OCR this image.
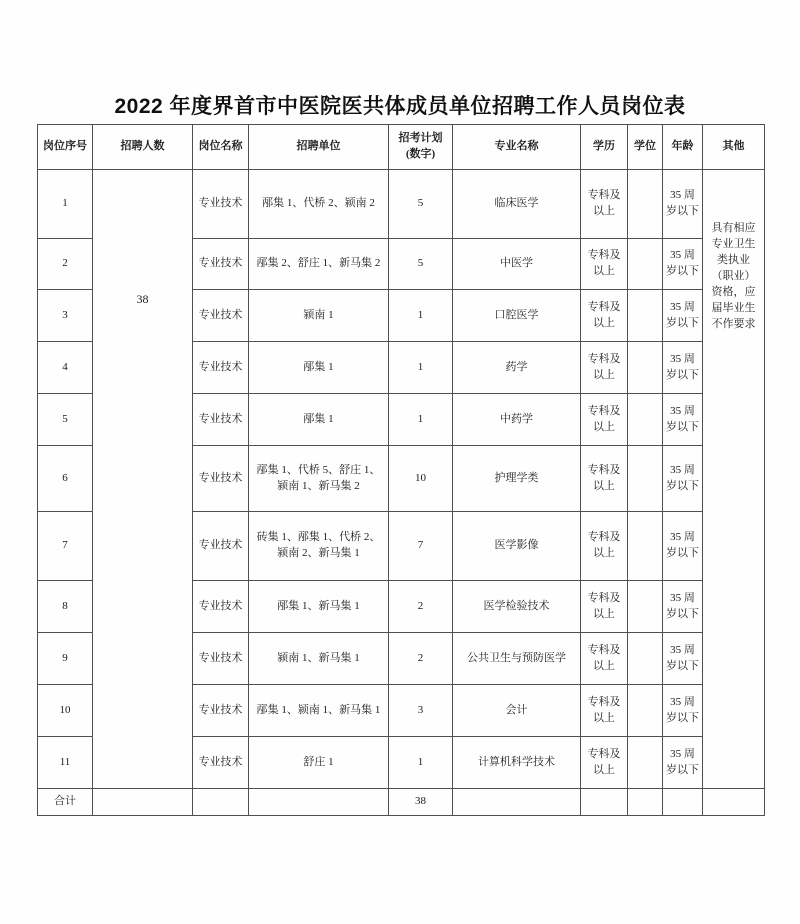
2022 年度界首市中医院医共体成员单位招聘工作人员岗位表
岗位序号	招聘人数	岗位名称	招聘单位	招考计划(数字)	专业名称	学历	学位	年龄	其他
1	38	专业技术	邴集 1、代桥 2、颍南 2	5	临床医学	专科及以上		35 周岁以下	具有相应专业卫生类执业（职业）资格，应届毕业生不作要求

2		专业技术	邴集 2、舒庄 1、新马集 2	5	中医学	专科及以上		35 周岁以下	
3		专业技术	颍南 1	1	口腔医学	专科及以上		35 周岁以下	
4		专业技术	邴集 1	1	药学	专科及以上		35 周岁以下	
5		专业技术	邴集 1	1	中药学	专科及以上		35 周岁以下	
6		专业技术	邴集 1、代桥 5、舒庄 1、颍南 1、新马集 2	10	护理学类	专科及以上		35 周岁以下	
7		专业技术	砖集 1、邴集 1、代桥 2、颍南 2、新马集 1	7	医学影像	专科及以上		35 周岁以下	
8		专业技术	邴集 1、新马集 1	2	医学检验技术	专科及以上		35 周岁以下	
9		专业技术	颍南 1、新马集 1	2	公共卫生与预防医学	专科及以上		35 周岁以下	
10		专业技术	邴集 1、颍南 1、新马集 1	3	会计	专科及以上		35 周岁以下	
11		专业技术	舒庄 1	1	计算机科学技术	专科及以上		35 周岁以下	
合计				38					
